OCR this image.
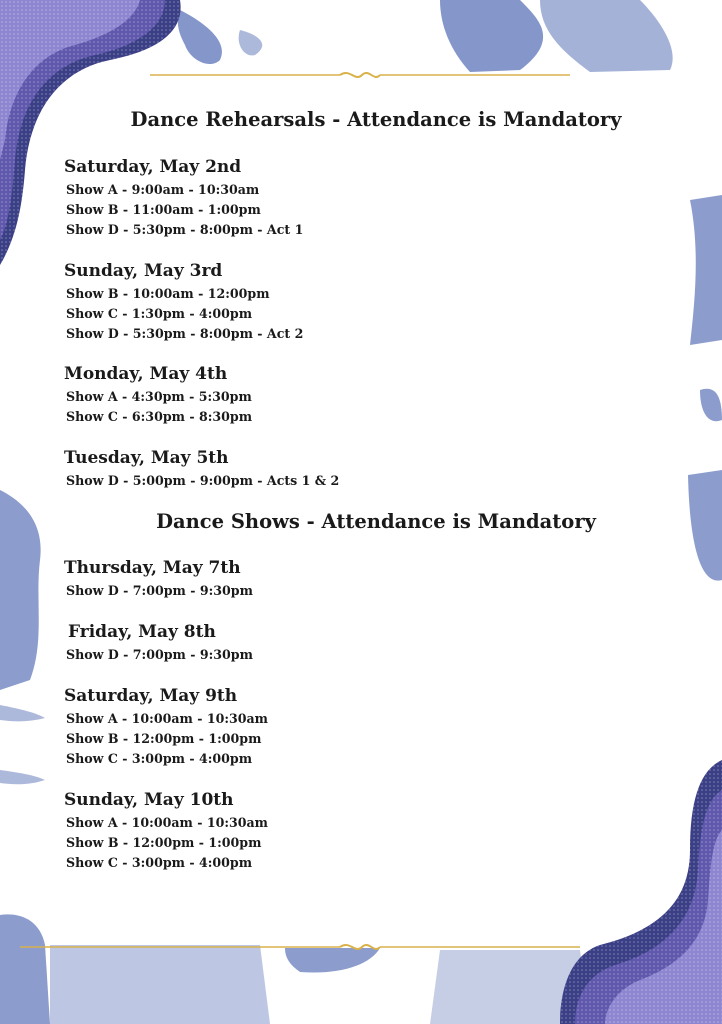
Dance Rehearsals - Attendance is Mandatory
Saturday, May 2nd
Show A - 9:00am - 10:30am
Show B - 11:00am - 1:00pm
Show D - 5:30pm - 8:00pm - Act 1
Sunday, May 3rd
Show B - 10:00am - 12:00pm
Show C - 1:30pm - 4:00pm
Show D - 5:30pm - 8:00pm - Act 2
Monday, May 4th
Show A - 4:30pm - 5:30pm
Show C - 6:30pm - 8:30pm
Tuesday, May 5th
Show D - 5:00pm - 9:00pm - Acts 1 & 2
Dance Shows - Attendance is Mandatory
Thursday, May 7th
Show D - 7:00pm - 9:30pm
Friday, May 8th
Show D - 7:00pm - 9:30pm
Saturday, May 9th
Show A - 10:00am - 10:30am
Show B - 12:00pm - 1:00pm
Show C - 3:00pm - 4:00pm
Sunday, May 10th
Show A - 10:00am - 10:30am
Show B - 12:00pm - 1:00pm
Show C - 3:00pm - 4:00pm
